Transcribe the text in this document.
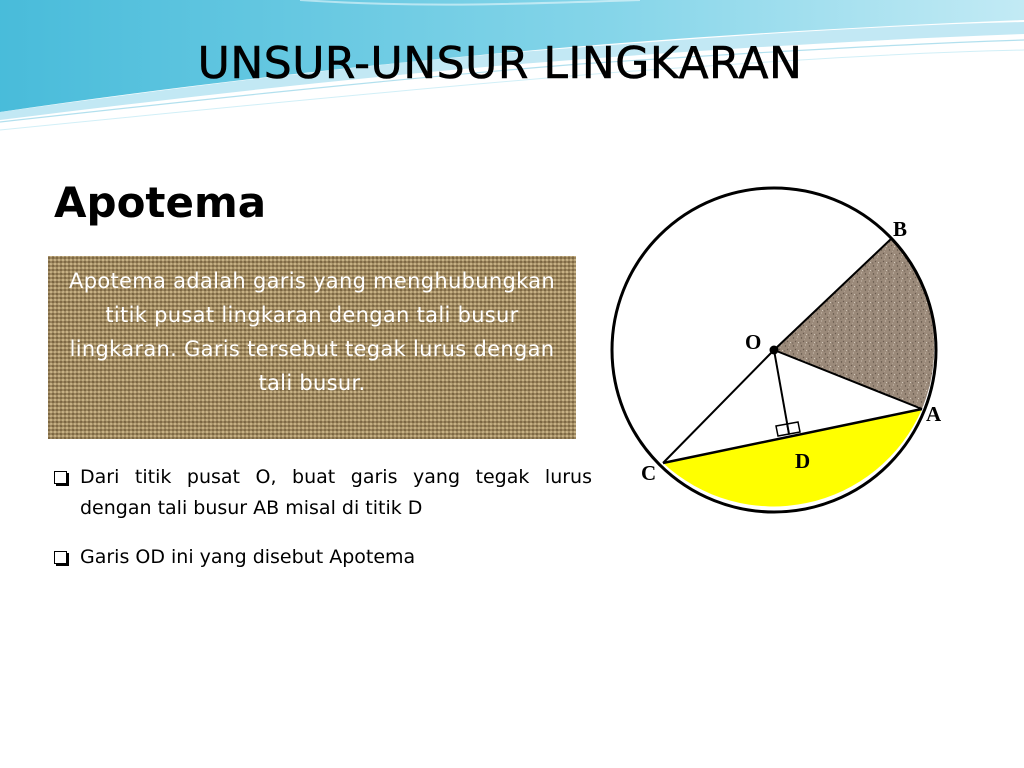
UNSUR-UNSUR LINGKARAN
Apotema
Apotema adalah garis yang menghubungkan titik pusat lingkaran dengan tali busur lingkaran. Garis tersebut tegak lurus dengan tali busur.
Dari titik pusat O, buat garis yang tegak lurus dengan tali busur AB misal di titik D
Garis OD ini yang disebut Apotema
O
B
A
C	D
